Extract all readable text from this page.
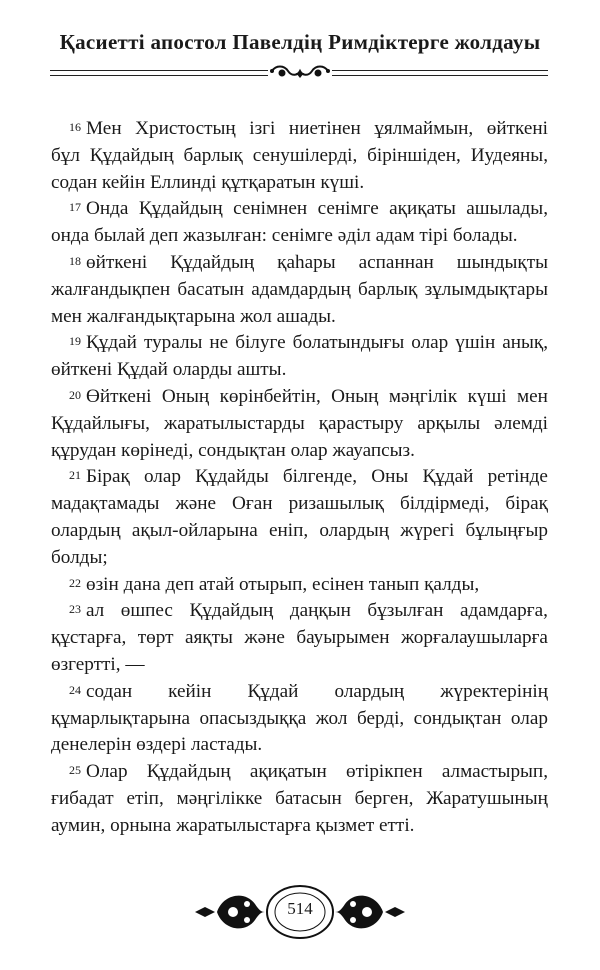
Қасиетті апостол Павелдің Римдіктерге жолдауы
$^{16}$ Мен Христостың ізгі ниетінен ұялмаймын, өйткені
бұл Құдайдың барлық сенушілерді, біріншіден, Иудеяны,
содан кейін Еллинді құтқаратын күші.
$^{17}$ Онда Құдайдың сенімнен сенімге ақиқаты ашылады,
онда былай деп жазылған: сенімге әділ адам тірі болады.
$^{18}$ өйткені Құдайдың қаһары аспаннан шындықты
жалғандықпен басатын адамдардың барлық зұлымдықтары
мен жалғандықтарына жол ашады.
$^{19}$ Құдай туралы не білуге болатындығы олар үшін анық,
өйткені Құдай оларды ашты.
$^{20}$ Өйткені Оның көрінбейтін, Оның мәңгілік күші мен
Құдайлығы, жаратылыстарды қарастыру арқылы әлемді
құрудан көрінеді, сондықтан олар жауапсыз.
$^{21}$ Бірақ олар Құдайды білгенде, Оны Құдай ретінде
мадақтамады және Оған ризашылық білдірмеді, бірақ
олардың ақыл-ойларына еніп, олардың жүрегі бұлыңғыр
болды;
$^{22}$ өзін дана деп атай отырып, есінен танып қалды,
$^{23}$ ал өшпес Құдайдың даңқын бұзылған адамдарға,
құстарға, төрт аяқты және бауырымен жорғалаушыларға
өзгертті, —
$^{24}$ содан кейін Құдай олардың жүректерінің
құмарлықтарына опасыздыққа жол берді, сондықтан олар
денелерін өздері ластады.
$^{25}$ Олар Құдайдың ақиқатын өтірікпен алмастырып,
ғибадат етіп, мәңгілікке батасын берген, Жаратушының
аумин, орнына жаратылыстарға қызмет етті.
514
